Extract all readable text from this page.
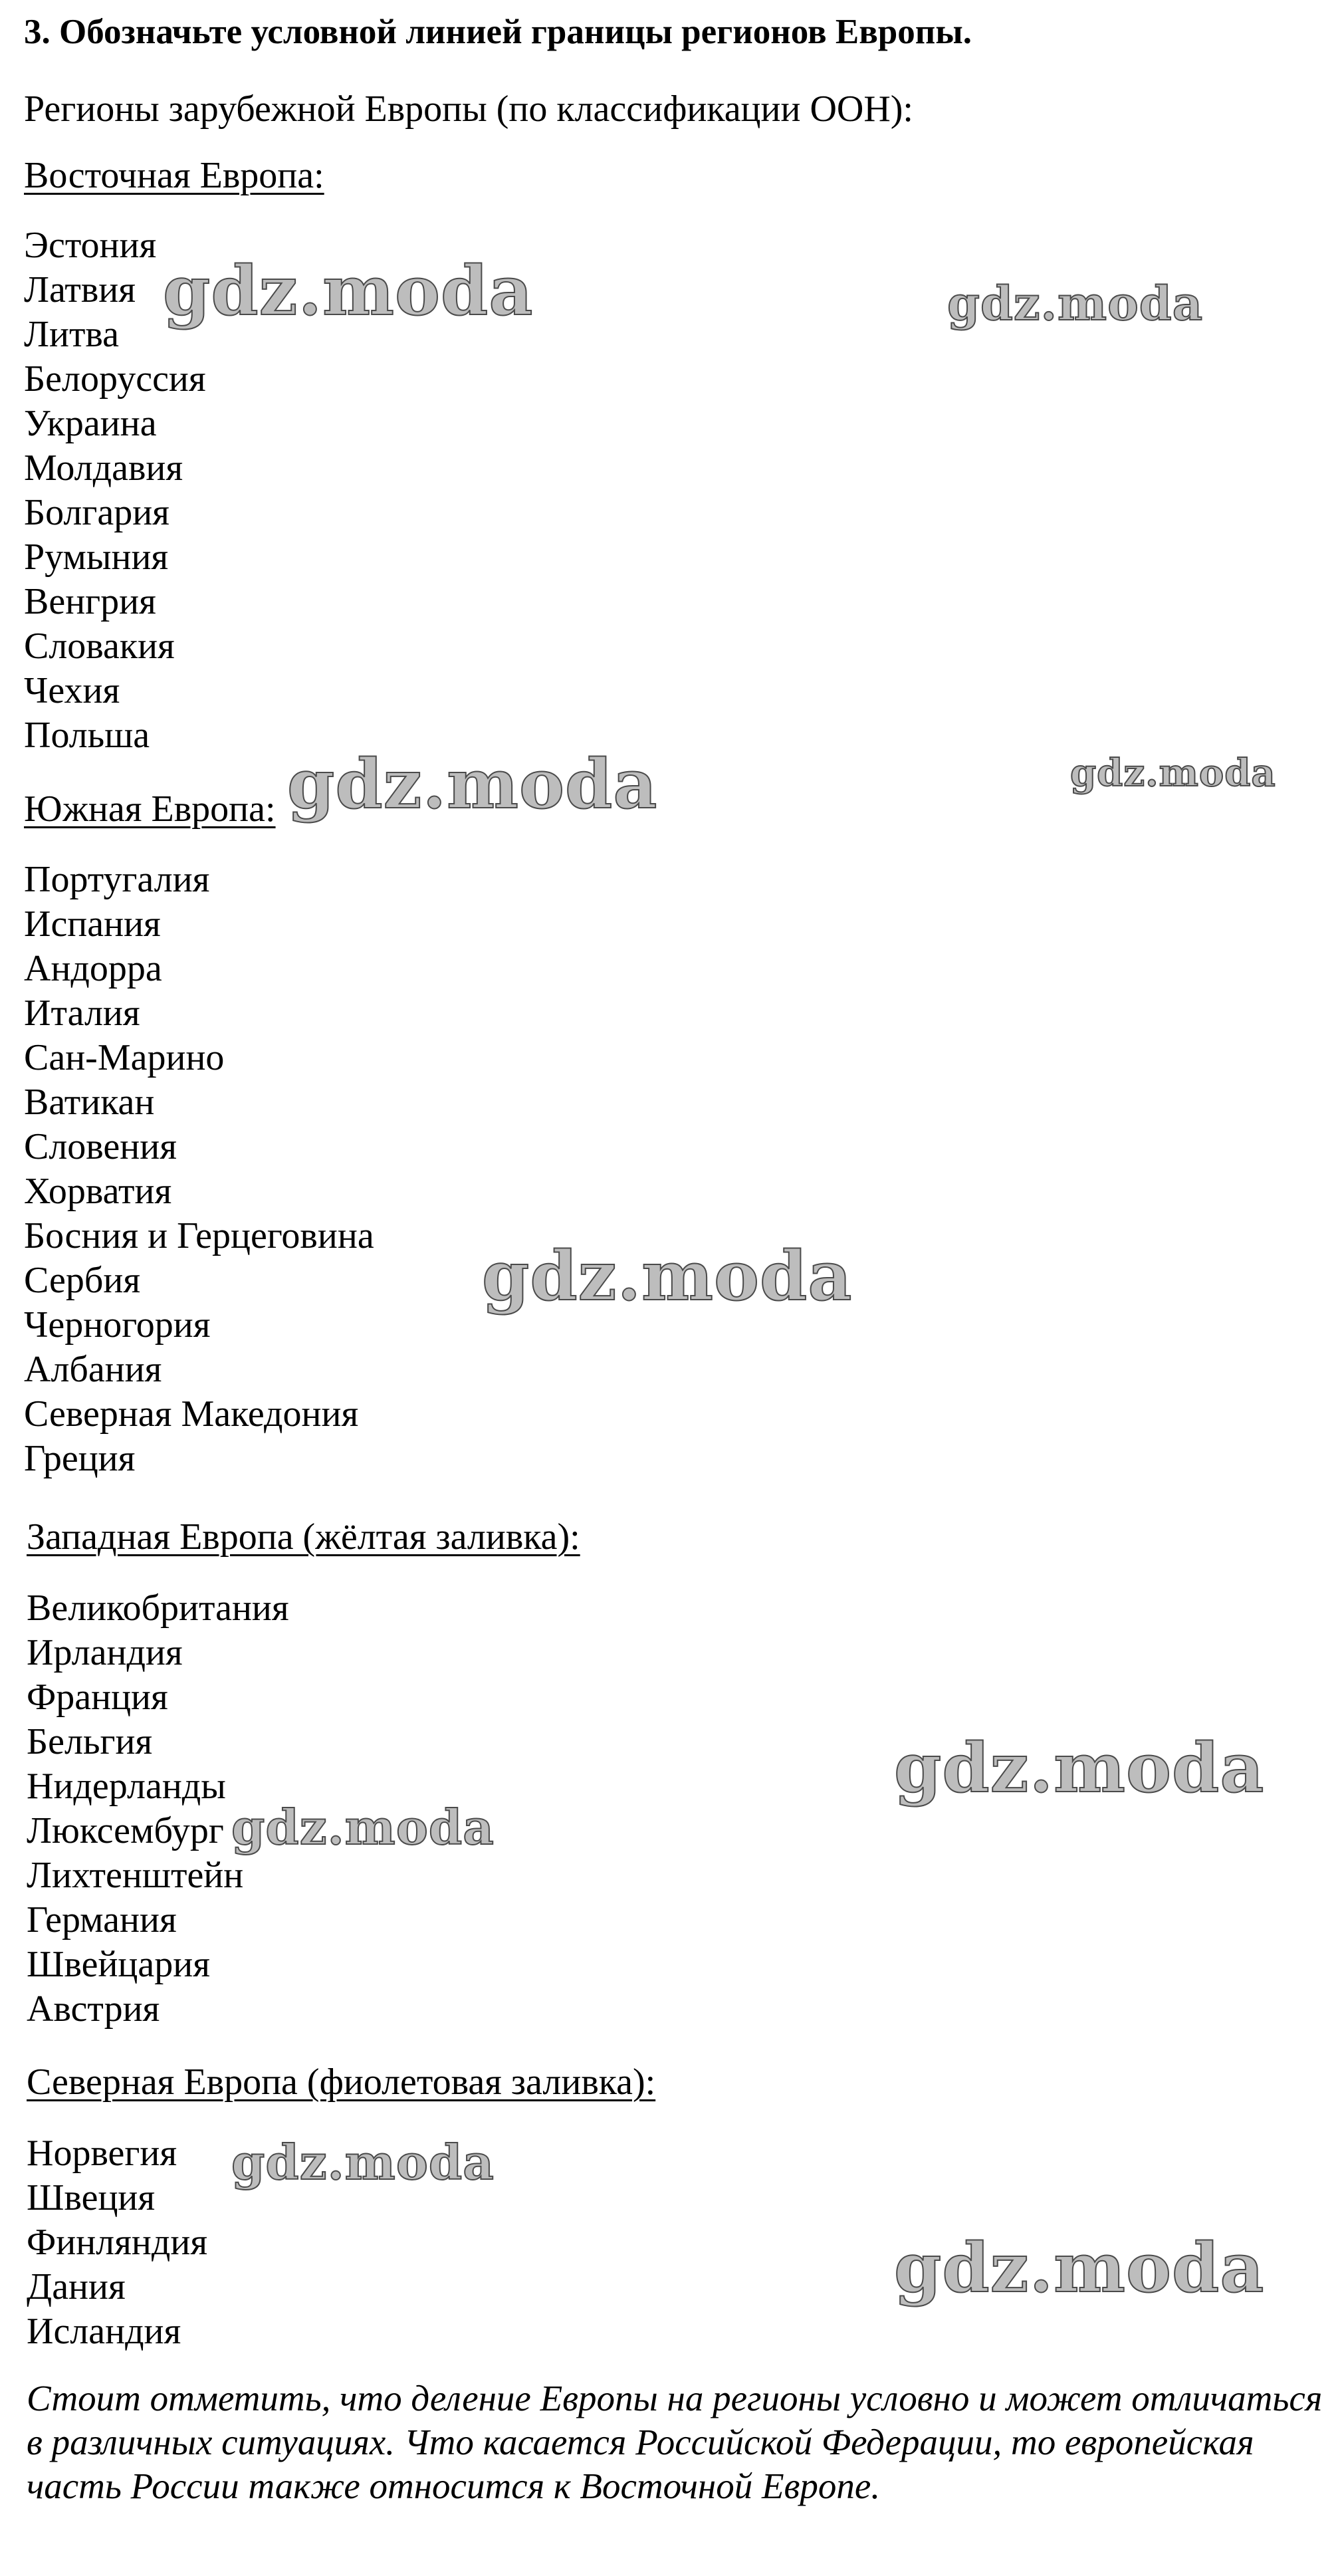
3. Обозначьте условной линией границы регионов Европы.
Регионы зарубежной Европы (по классификации ООН):
Восточная Европа:
Эстония
Латвия
Литва
Белоруссия
Украина
Молдавия
Болгария
Румыния
Венгрия
Словакия
Чехия
Польша
Южная Европа:
Португалия
Испания
Андорра
Италия
Сан-Марино
Ватикан
Словения
Хорватия
Босния и Герцеговина
Сербия
Черногория
Албания
Северная Македония
Греция
Западная Европа (жёлтая заливка):
Великобритания
Ирландия
Франция
Бельгия
Нидерланды
Люксембург
Лихтенштейн
Германия
Швейцария
Австрия
Северная Европа (фиолетовая заливка):
Норвегия
Швеция
Финляндия
Дания
Исландия
Стоит отметить, что деление Европы на регионы условно и может отличаться в различных ситуациях. Что касается Российской Федерации, то европейская часть России также относится к Восточной Европе.
gdz.moda	gdz.moda
gdz.moda	gdz.moda
gdz.moda
gdz.moda
gdz.moda
gdz.moda
gdz.moda
